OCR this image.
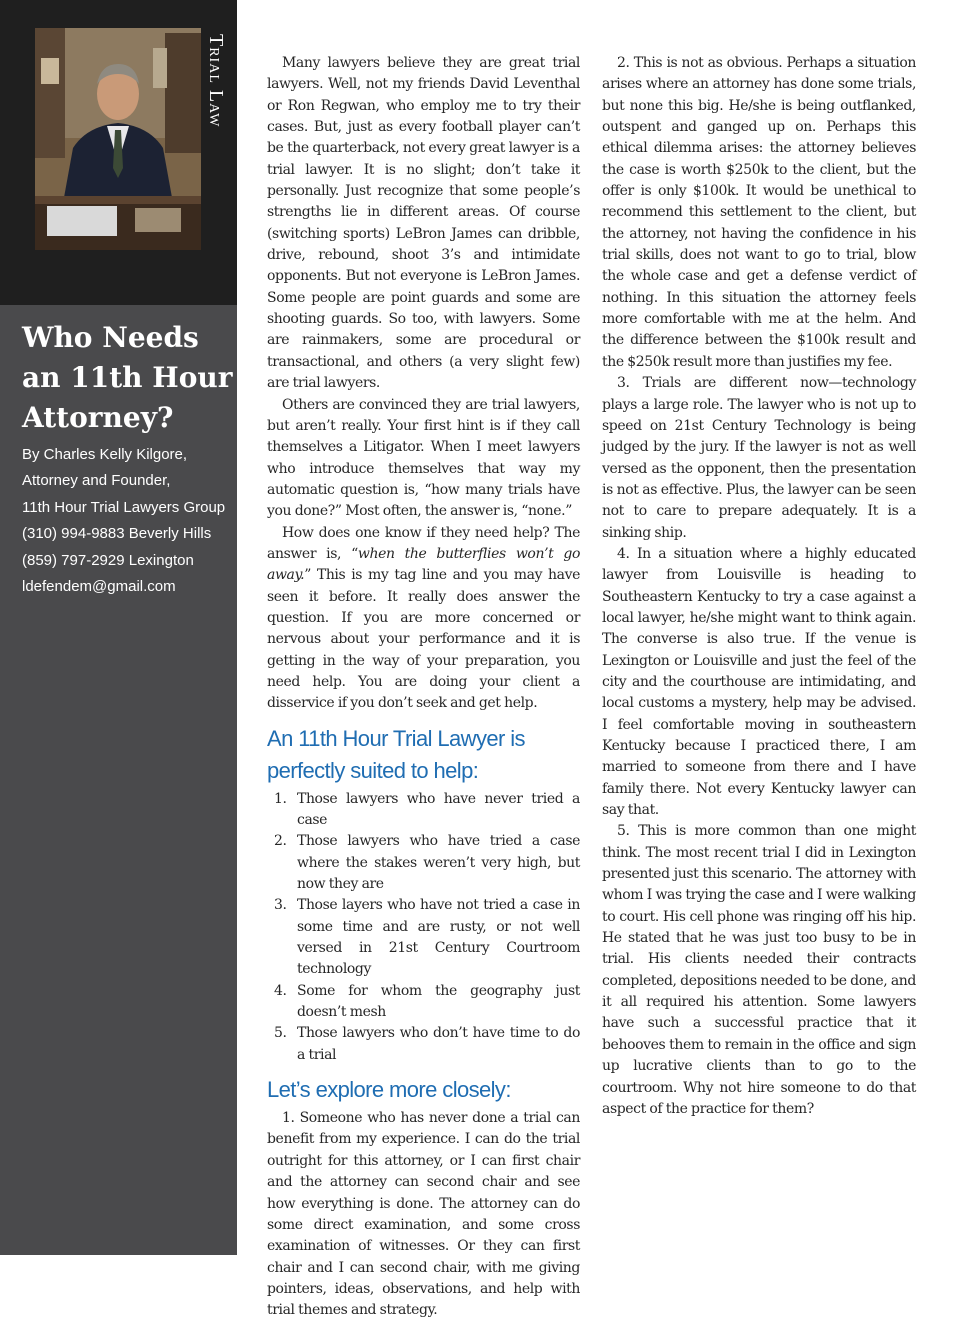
Trial Law
Who Needs
an 11th Hour
Attorney?
By Charles Kelly Kilgore,
Attorney and Founder,
11th Hour Trial Lawyers Group
(310) 994-9883 Beverly Hills
(859) 797-2929 Lexington
ldefendem@gmail.com

Many lawyers believe they are great trial lawyers. Well, not my friends David Leventhal or Ron Regwan, who employ me to try their cases. But, just as every football player can’t be the quarterback, not every great lawyer is a trial lawyer. It is no slight; don’t take it personally. Just recognize that some people’s strengths lie in different areas. Of course (switching sports) LeBron James can dribble, drive, rebound, shoot 3’s and intimidate opponents. But not everyone is LeBron James. Some people are point guards and some are shooting guards. So too, with lawyers. Some are rainmakers, some are procedural or transactional, and others (a very slight few) are trial lawyers.

Others are convinced they are trial lawyers, but aren’t really. Your first hint is if they call themselves a Litigator. When I meet lawyers who introduce themselves that way my automatic question is, “how many trials have you done?” Most often, the answer is, “none.”

How does one know if they need help? The answer is, “when the butterflies won’t go away.” This is my tag line and you may have seen it before. It really does answer the question. If you are more concerned or nervous about your performance and it is getting in the way of your preparation, you need help. You are doing your client a disservice if you don’t seek and get help.

An 11th Hour Trial Lawyer is perfectly suited to help:
1. Those lawyers who have never tried a case
2. Those lawyers who have tried a case where the stakes weren’t very high, but now they are
3. Those layers who have not tried a case in some time and are rusty, or not well versed in 21st Century Courtroom technology
4. Some for whom the geography just doesn’t mesh
5. Those lawyers who don’t have time to do a trial
Let’s explore more closely:

1. Someone who has never done a trial can benefit from my experience. I can do the trial outright for this attorney, or I can first chair and the attorney can second chair and see how everything is done. The attorney can do some direct examination, and some cross examination of witnesses. Or they can first chair and I can second chair, with me giving pointers, ideas, observations, and help with trial themes and strategy.

2. This is not as obvious. Perhaps a situation arises where an attorney has done some trials, but none this big. He/she is being outflanked, outspent and ganged up on. Perhaps this ethical dilemma arises: the attorney believes the case is worth $250k to the client, but the offer is only $100k. It would be unethical to recommend this settlement to the client, but the attorney, not having the confidence in his trial skills, does not want to go to trial, blow the whole case and get a defense verdict of nothing. In this situation the attorney feels more comfortable with me at the helm. And the difference between the $100k result and the $250k result more than justifies my fee.

3. Trials are different now—technology plays a large role. The lawyer who is not up to speed on 21st Century Technology is being judged by the jury. If the lawyer is not as well versed as the opponent, then the presentation is not as effective. Plus, the lawyer can be seen not to care to prepare adequately. It is a sinking ship.

4. In a situation where a highly educated lawyer from Louisville is heading to Southeastern Kentucky to try a case against a local lawyer, he/she might want to think again. The converse is also true. If the venue is Lexington or Louisville and just the feel of the city and the courthouse are intimidating, and local customs a mystery, help may be advised. I feel comfortable moving in southeastern Kentucky because I practiced there, I am married to someone from there and I have family there. Not every Kentucky lawyer can say that.

5. This is more common than one might think. The most recent trial I did in Lexington presented just this scenario. The attorney with whom I was trying the case and I were walking to court. His cell phone was ringing off his hip. He stated that he was just too busy to be in trial. His clients needed their contracts completed, depositions needed to be done, and it all required his attention. Some lawyers have such a successful practice that it behooves them to remain in the office and sign up lucrative clients than to go to the courtroom. Why not hire someone to do that aspect of the practice for them?
